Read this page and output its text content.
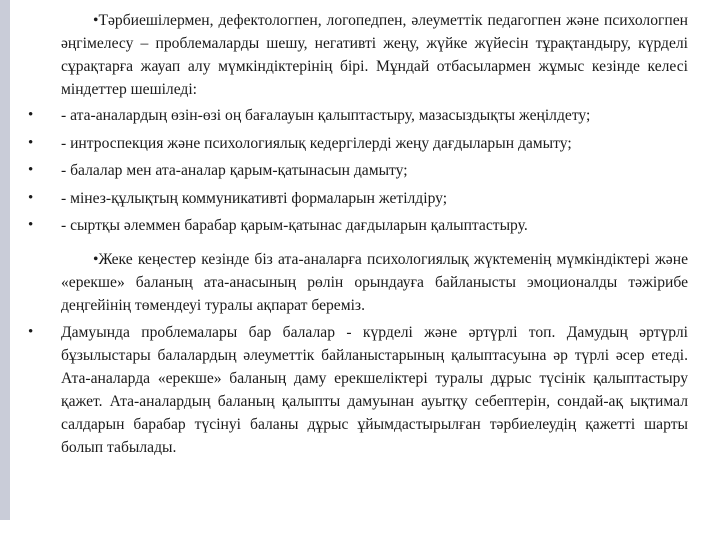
•Тәрбиешілермен, дефектологпен, логопедпен, әлеуметтік педагогпен және психологпен әңгімелесу – проблемаларды шешу, негативті жеңу, жүйке жүйесін тұрақтандыру, күрделі сұрақтарға жауап алу мүмкіндіктерінің бірі. Мұндай отбасылармен жұмыс кезінде келесі міндеттер шешіледі:

• - ата-аналардың өзін-өзі оң бағалауын қалыптастыру, мазасыздықты жеңілдету;
• - интроспекция және психологиялық кедергілерді жеңу дағдыларын дамыту;
• - балалар мен ата-аналар қарым-қатынасын дамыту;
• - мінез-құлықтың коммуникативті формаларын жетілдіру;
• - сыртқы әлеммен барабар қарым-қатынас дағдыларын қалыптастыру.

•Жеке кеңестер кезінде біз ата-аналарға психологиялық жүктеменің мүмкіндіктері және «ерекше» баланың ата-анасының рөлін орындауға байланысты эмоционалды тәжірибе деңгейінің төмендеуі туралы ақпарат береміз.

• Дамуында проблемалары бар балалар - күрделі және әртүрлі топ. Дамудың әртүрлі бұзылыстары балалардың әлеуметтік байланыстарының қалыптасуына әр түрлі әсер етеді. Ата-аналарда «ерекше» баланың даму ерекшеліктері туралы дұрыс түсінік қалыптастыру қажет. Ата-аналардың баланың қалыпты дамуынан ауытқу себептерін, сондай-ақ ықтимал салдарын барабар түсінуі баланы дұрыс ұйымдастырылған тәрбиелеудің қажетті шарты болып табылады.
